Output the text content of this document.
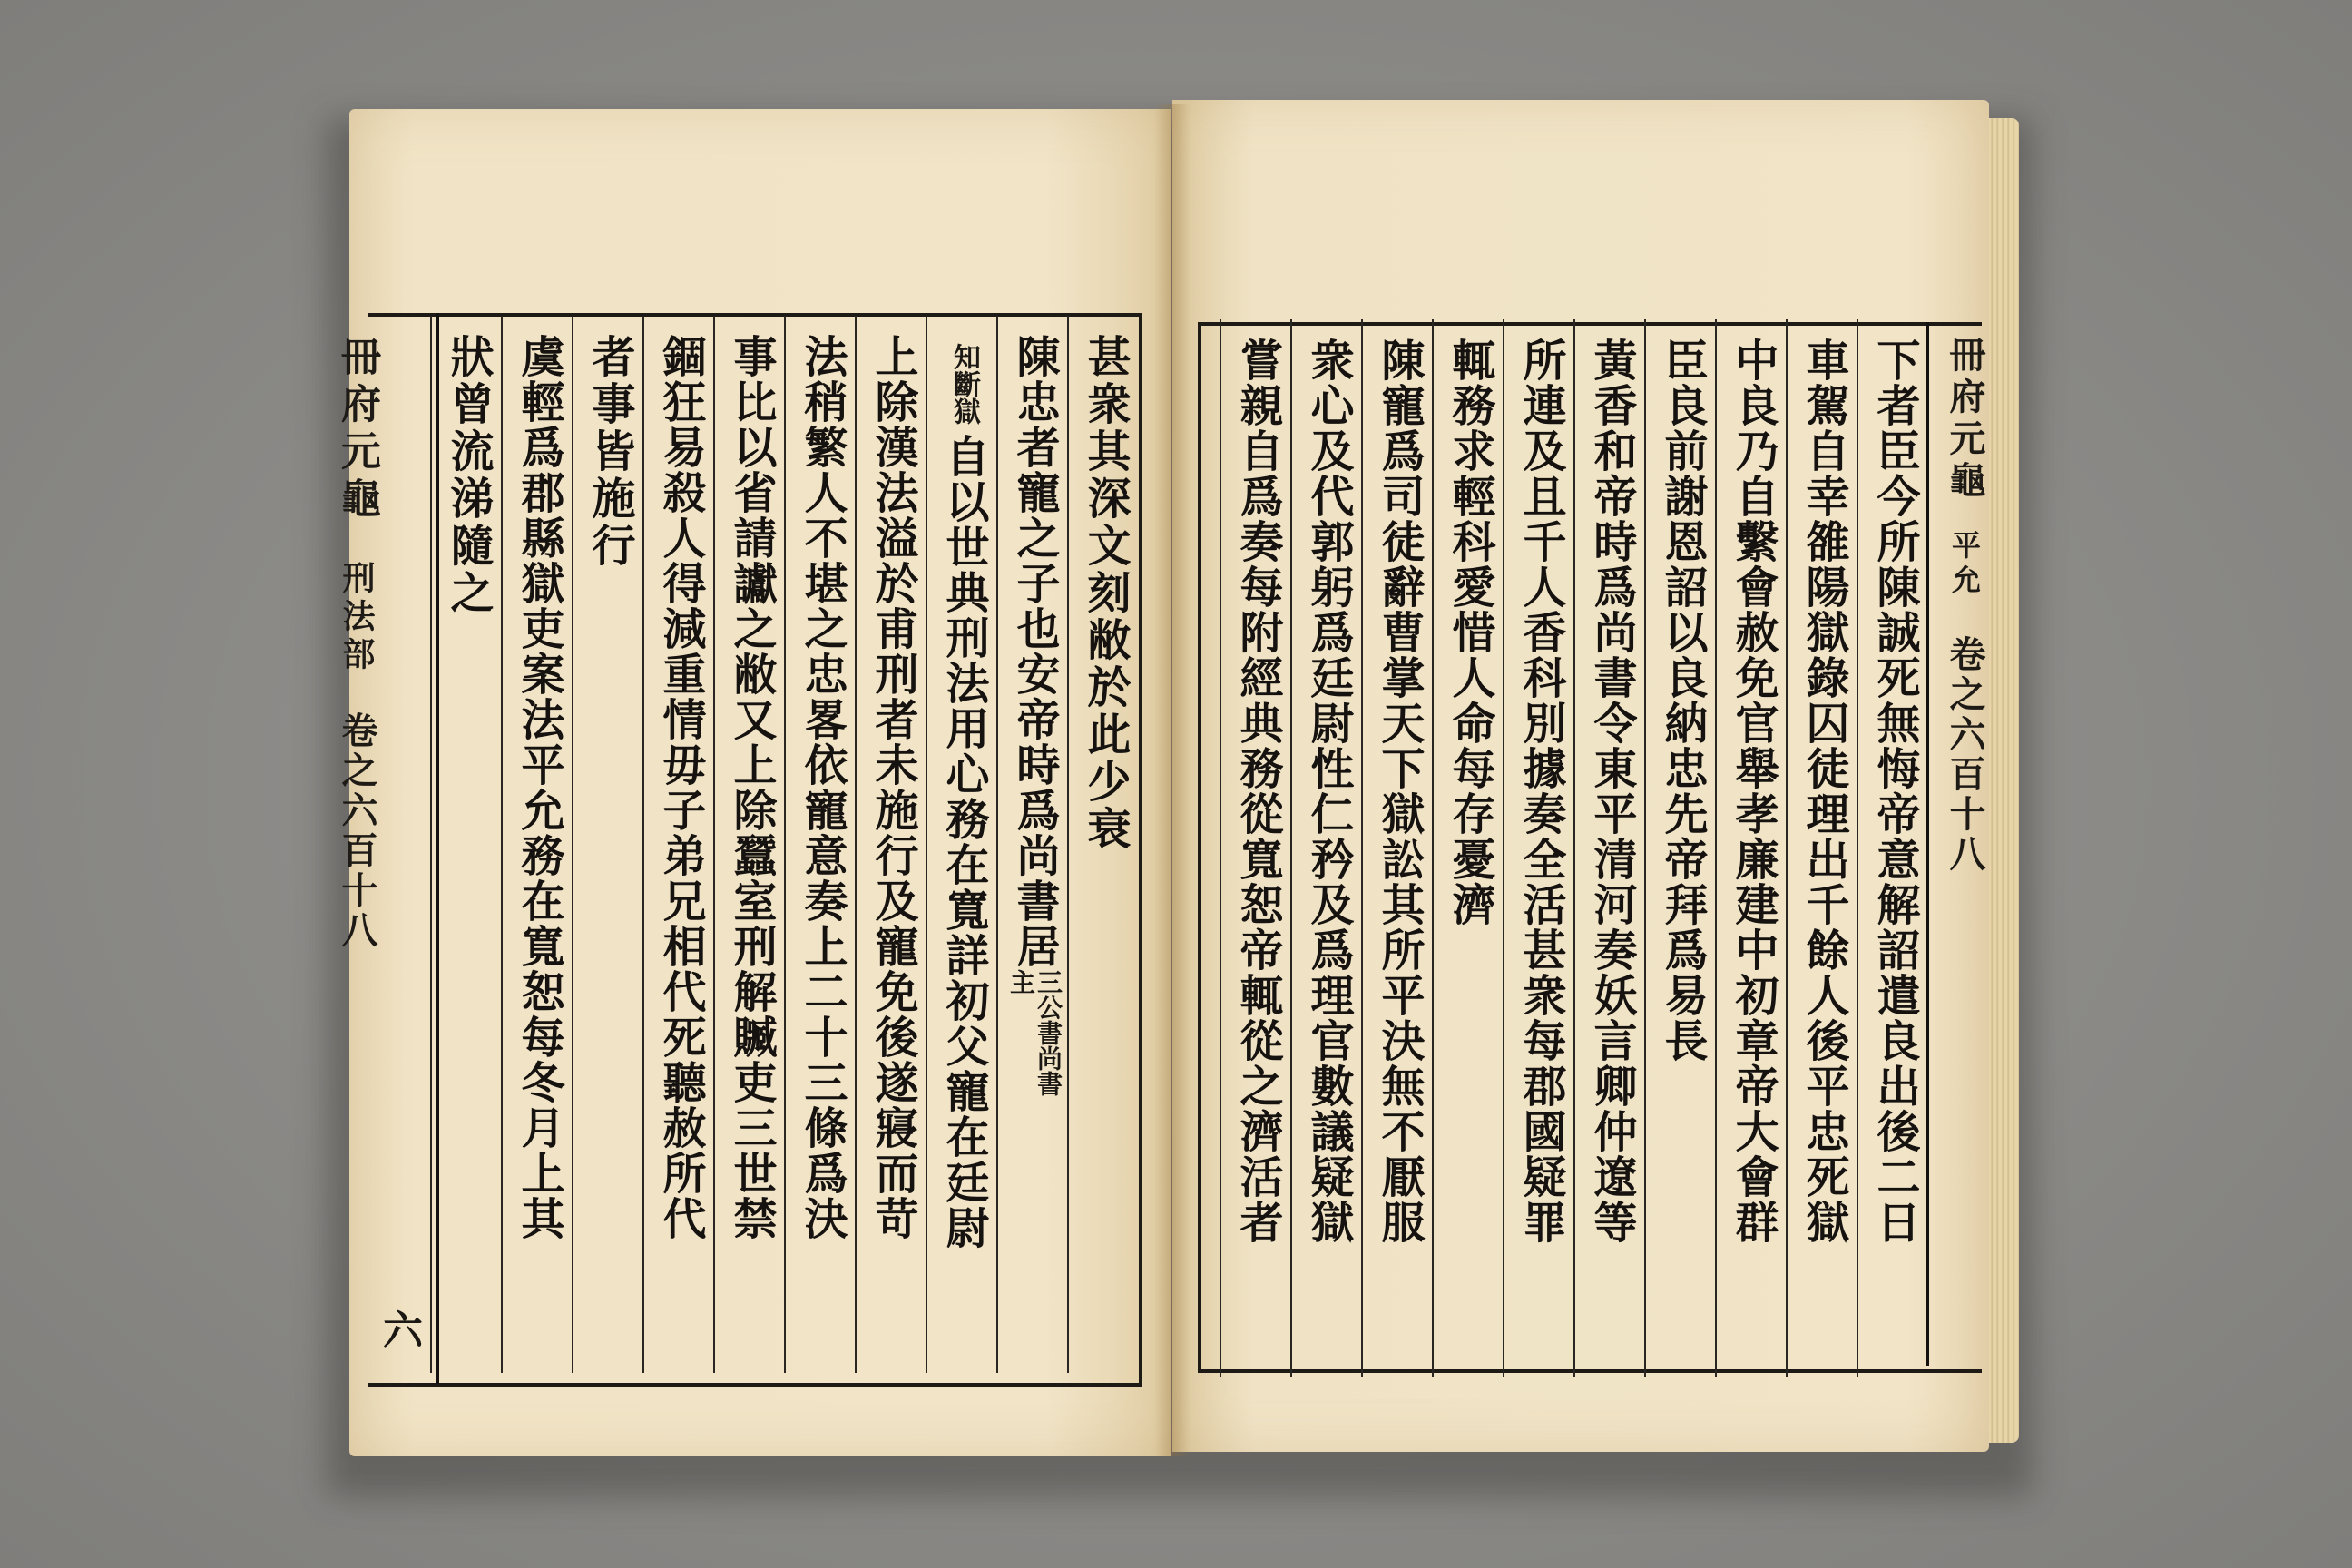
冊府元龜
刑法部
卷之六百十八
六
甚衆其深文刻敝於此少衰
陳忠者寵之子也安帝時爲尚書居
三公書尚書主
知斷獄
自以世典刑法用心務在寬詳初父寵在廷尉
上除漢法溢於甫刑者未施行及寵免後遂寢而苛
法稍繁人不堪之忠畧依寵意奏上二十三條爲決
事比以省請讞之敝又上除蠶室刑解贓吏三世禁
錮狂易殺人得減重情毋子弟兄相代死聽赦所代
者事皆施行
虞輕爲郡縣獄吏案法平允務在寬恕每冬月上其
狀曾流涕隨之	冊府元龜
平允
卷之六百十八
下者臣今所陳誠死無悔帝意解詔遣良出後二日
車駕自幸雒陽獄錄囚徒理出千餘人後平忠死獄
中良乃自繫會赦免官舉孝廉建中初章帝大會群
臣良前謝恩詔以良納忠先帝拜爲易長
黃香和帝時爲尚書令東平清河奏妖言卿仲遼等
所連及且千人香科別據奏全活甚衆每郡國疑罪
輒務求輕科愛惜人命每存憂濟
陳寵爲司徒辭曹掌天下獄訟其所平決無不厭服
衆心及代郭躬爲廷尉性仁矜及爲理官數議疑獄
嘗親自爲奏每附經典務從寬恕帝輒從之濟活者
